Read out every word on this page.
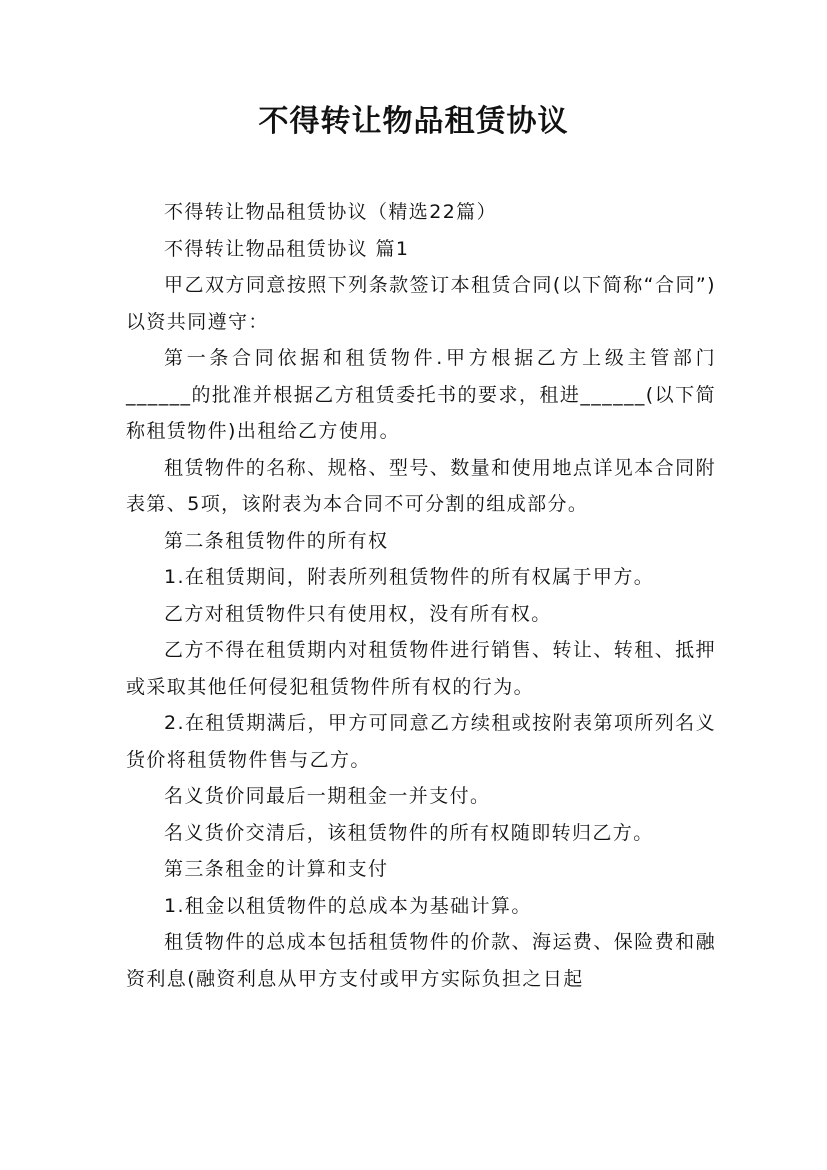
不得转让物品租赁协议

不得转让物品租赁协议（精选22篇）

不得转让物品租赁协议 篇1

甲乙双方同意按照下列条款签订本租赁合同(以下简称“合同”)以资共同遵守：

第一条合同依据和租赁物件.甲方根据乙方上级主管部门______的批准并根据乙方租赁委托书的要求，租进______(以下简称租赁物件)出租给乙方使用。

租赁物件的名称、规格、型号、数量和使用地点详见本合同附表第、5项，该附表为本合同不可分割的组成部分。

第二条租赁物件的所有权

1.在租赁期间，附表所列租赁物件的所有权属于甲方。

乙方对租赁物件只有使用权，没有所有权。

乙方不得在租赁期内对租赁物件进行销售、转让、转租、抵押或采取其他任何侵犯租赁物件所有权的行为。

2.在租赁期满后，甲方可同意乙方续租或按附表第项所列名义货价将租赁物件售与乙方。

名义货价同最后一期租金一并支付。

名义货价交清后，该租赁物件的所有权随即转归乙方。

第三条租金的计算和支付

1.租金以租赁物件的总成本为基础计算。

租赁物件的总成本包括租赁物件的价款、海运费、保险费和融资利息(融资利息从甲方支付或甲方实际负担之日起
